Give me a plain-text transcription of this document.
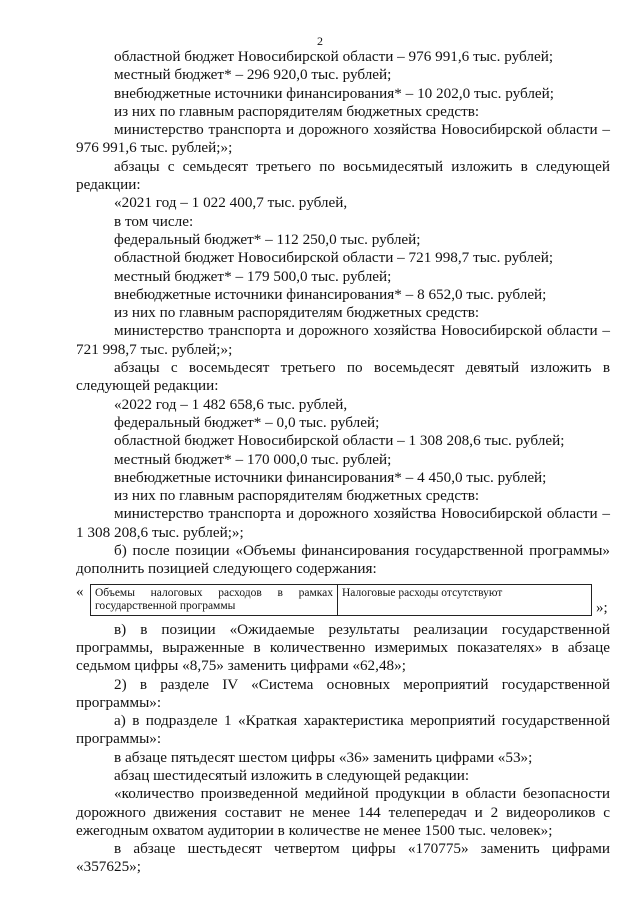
2

областной бюджет Новосибирской области – 976 991,6 тыс. рублей;

местный бюджет* – 296 920,0 тыс. рублей;

внебюджетные источники финансирования* – 10 202,0 тыс. рублей;

из них по главным распорядителям бюджетных средств:

министерство транспорта и дорожного хозяйства Новосибирской области – 976 991,6 тыс. рублей;»;

абзацы с семьдесят третьего по восьмидесятый изложить в следующей редакции:

«2021 год – 1 022 400,7 тыс. рублей,

в том числе:

федеральный бюджет* – 112 250,0 тыс. рублей;

областной бюджет Новосибирской области – 721 998,7 тыс. рублей;

местный бюджет* – 179 500,0 тыс. рублей;

внебюджетные источники финансирования* – 8 652,0 тыс. рублей;

из них по главным распорядителям бюджетных средств:

министерство транспорта и дорожного хозяйства Новосибирской области – 721 998,7 тыс. рублей;»;

абзацы с восемьдесят третьего по восемьдесят девятый изложить в следующей редакции:

«2022 год – 1 482 658,6 тыс. рублей,

федеральный бюджет* – 0,0 тыс. рублей;

областной бюджет Новосибирской области – 1 308 208,6 тыс. рублей;

местный бюджет* – 170 000,0 тыс. рублей;

внебюджетные источники финансирования* – 4 450,0 тыс. рублей;

из них по главным распорядителям бюджетных средств:

министерство транспорта и дорожного хозяйства Новосибирской области – 1 308 208,6 тыс. рублей;»;

б) после позиции «Объемы финансирования государственной программы» дополнить позицией следующего содержания:

«	Объемы налоговых расходов в рамках государственной программы	Налоговые расходы отсутствуют
»;

в) в позиции «Ожидаемые результаты реализации государственной программы, выраженные в количественно измеримых показателях» в абзаце седьмом цифры «8,75» заменить цифрами «62,48»;

2) в разделе IV «Система основных мероприятий государственной программы»:

а) в подразделе 1 «Краткая характеристика мероприятий государственной программы»:

в абзаце пятьдесят шестом цифры «36» заменить цифрами «53»;

абзац шестидесятый изложить в следующей редакции:

«количество произведенной медийной продукции в области безопасности дорожного движения составит не менее 144 телепередач и 2 видеороликов с ежегодным охватом аудитории в количестве не менее 1500 тыс. человек»;

в абзаце шестьдесят четвертом цифры «170775» заменить цифрами «357625»;
